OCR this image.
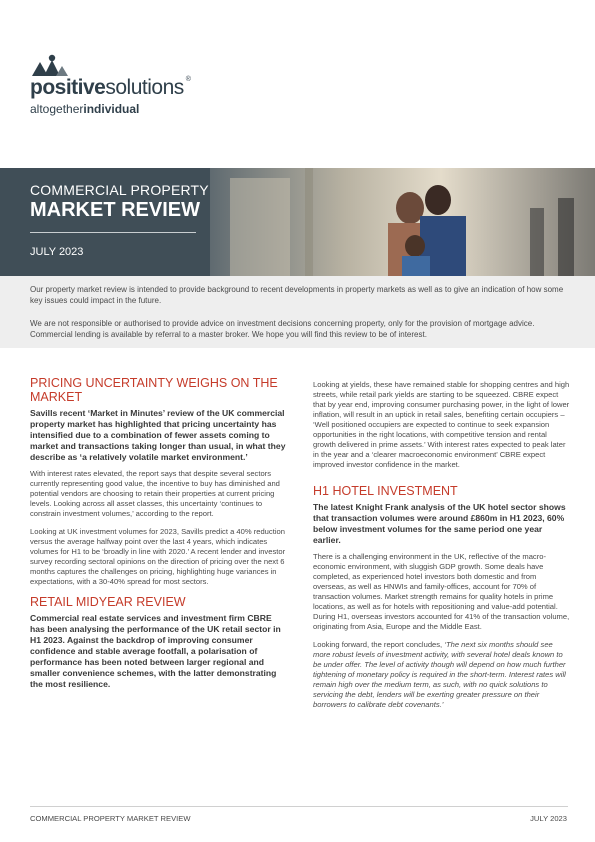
positivesolutions ®
altogetherindividual
COMMERCIAL PROPERTY
MARKET REVIEW
JULY 2023

Our property market review is intended to provide background to recent developments in property markets as well as to give an indication of how some key issues could impact in the future.

We are not responsible or authorised to provide advice on investment decisions concerning property, only for the provision of mortgage advice. Commercial lending is available by referral to a master broker. We hope you will find this review to be of interest.

PRICING UNCERTAINTY WEIGHS ON THE MARKET
Savills recent ‘Market in Minutes’ review of the UK commercial property market has highlighted that pricing uncertainty has intensified due to a combination of fewer assets coming to market and transactions taking longer than usual, in what they describe as ‘a relatively volatile market environment.’
With interest rates elevated, the report says that despite several sectors currently representing good value, the incentive to buy has diminished and potential vendors are choosing to retain their properties at current pricing levels. Looking across all asset classes, this uncertainty ‘continues to constrain investment volumes,’ according to the report.
Looking at UK investment volumes for 2023, Savills predict a 40% reduction versus the average halfway point over the last 4 years, which indicates volumes for H1 to be ‘broadly in line with 2020.’ A recent lender and investor survey recording sectoral opinions on the direction of pricing over the next 6 months captures the challenges on pricing, highlighting huge variances in expectations, with a 30-40% spread for most sectors.
RETAIL MIDYEAR REVIEW
Commercial real estate services and investment firm CBRE has been analysing the performance of the UK retail sector in H1 2023. Against the backdrop of improving consumer confidence and stable average footfall, a polarisation of performance has been noted between larger regional and smaller convenience schemes, with the latter demonstrating the most resilience.
Looking at yields, these have remained stable for shopping centres and high streets, while retail park yields are starting to be squeezed. CBRE expect that by year end, improving consumer purchasing power, in the light of lower inflation, will result in an uptick in retail sales, benefiting certain occupiers – ‘Well positioned occupiers are expected to continue to seek expansion opportunities in the right locations, with competitive tension and rental growth delivered in prime assets.’ With interest rates expected to peak later in the year and a ‘clearer macroeconomic environment’ CBRE expect improved investor confidence in the market.
H1 HOTEL INVESTMENT
The latest Knight Frank analysis of the UK hotel sector shows that transaction volumes were around £860m in H1 2023, 60% below investment volumes for the same period one year earlier.
There is a challenging environment in the UK, reflective of the macro-economic environment, with sluggish GDP growth. Some deals have completed, as experienced hotel investors both domestic and from overseas, as well as HNWIs and family-offices, account for 70% of transaction volumes. Market strength remains for quality hotels in prime locations, as well as for hotels with repositioning and value-add potential. During H1, overseas investors accounted for 41% of the transaction volume, originating from Asia, Europe and the Middle East.
Looking forward, the report concludes, ‘The next six months should see more robust levels of investment activity, with several hotel deals known to be under offer. The level of activity though will depend on how much further tightening of monetary policy is required in the short-term. Interest rates will remain high over the medium term, as such, with no quick solutions to servicing the debt, lenders will be exerting greater pressure on their borrowers to calibrate debt covenants.’
COMMERCIAL PROPERTY MARKET REVIEW	JULY 2023
